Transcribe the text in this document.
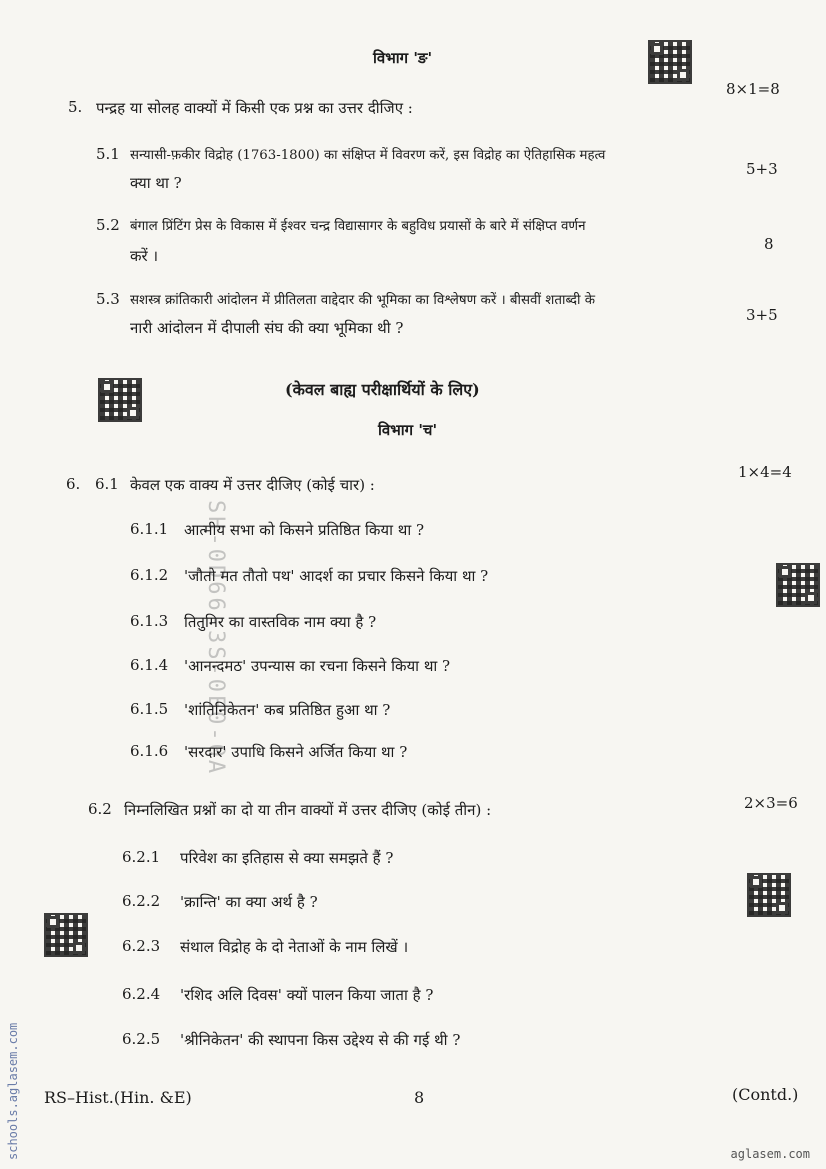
SH-0D66-3S-0E0-0A
schools.aglasem.com	aglasem.com
विभाग 'ङ'
8×1=8
5. पन्द्रह या सोलह वाक्यों में किसी एक प्रश्न का उत्तर दीजिए :
5.1 सन्यासी-फ़कीर विद्रोह (1763-1800) का संक्षिप्त में विवरण करें, इस विद्रोह का ऐतिहासिक महत्व
क्या था ?
5+3
5.2 बंगाल प्रिंटिंग प्रेस के विकास में ईश्वर चन्द्र विद्यासागर के बहुविध प्रयासों के बारे में संक्षिप्त वर्णन
करें ।
8
5.3 सशस्त्र क्रांतिकारी आंदोलन में प्रीतिलता वाद्देदार की भूमिका का विश्लेषण करें । बीसवीं शताब्दी के
नारी आंदोलन में दीपाली संघ की क्या भूमिका थी ?
3+5
(केवल बाह्य परीक्षार्थियों के लिए)
विभाग 'च'
6. 6.1 केवल एक वाक्य में उत्तर दीजिए (कोई चार) :
1×4=4
6.1.1 आत्मीय सभा को किसने प्रतिष्ठित किया था ?
6.1.2 'जौतो मत तौतो पथ' आदर्श का प्रचार किसने किया था ?
6.1.3 तितुमिर का वास्तविक नाम क्या है ?
6.1.4 'आनन्दमठ' उपन्यास का रचना किसने किया था ?
6.1.5 'शांतिनिकेतन' कब प्रतिष्ठित हुआ था ?
6.1.6 'सरदार' उपाधि किसने अर्जित किया था ?
6.2 निम्नलिखित प्रश्नों का दो या तीन वाक्यों में उत्तर दीजिए (कोई तीन) :	2×3=6
6.2.1 परिवेश का इतिहास से क्या समझते हैं ?
6.2.2 'क्रान्ति' का क्या अर्थ है ?
6.2.3 संथाल विद्रोह के दो नेताओं के नाम लिखें ।
6.2.4 'रशिद अलि दिवस' क्यों पालन किया जाता है ?
6.2.5 'श्रीनिकेतन' की स्थापना किस उद्देश्य से की गई थी ?
RS–Hist.(Hin. &E)	8	(Contd.)
